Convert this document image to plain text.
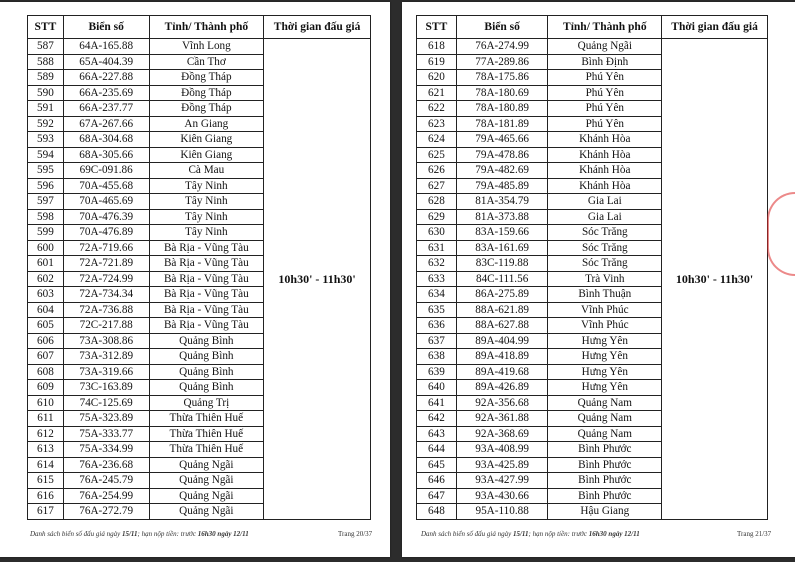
STT	Biển số	Tỉnh/ Thành phố	Thời gian đấu giá
587	64A-165.88	Vĩnh Long	10h30' - 11h30'
588	65A-404.39	Cần Thơ	
589	66A-227.88	Đồng Tháp	
590	66A-235.69	Đồng Tháp	
591	66A-237.77	Đồng Tháp	
592	67A-267.66	An Giang	
593	68A-304.68	Kiên Giang	
594	68A-305.66	Kiên Giang	
595	69C-091.86	Cà Mau	
596	70A-455.68	Tây Ninh	
597	70A-465.69	Tây Ninh	
598	70A-476.39	Tây Ninh	
599	70A-476.89	Tây Ninh	
600	72A-719.66	Bà Rịa - Vũng Tàu	
601	72A-721.89	Bà Rịa - Vũng Tàu	
602	72A-724.99	Bà Rịa - Vũng Tàu	
603	72A-734.34	Bà Rịa - Vũng Tàu	
604	72A-736.88	Bà Rịa - Vũng Tàu	
605	72C-217.88	Bà Rịa - Vũng Tàu	
606	73A-308.86	Quảng Bình	
607	73A-312.89	Quảng Bình	
608	73A-319.66	Quảng Bình	
609	73C-163.89	Quảng Bình	
610	74C-125.69	Quảng Trị	
611	75A-323.89	Thừa Thiên Huế	
612	75A-333.77	Thừa Thiên Huế	
613	75A-334.99	Thừa Thiên Huế	
614	76A-236.68	Quảng Ngãi	
615	76A-245.79	Quảng Ngãi	
616	76A-254.99	Quảng Ngãi	
617	76A-272.79	Quảng Ngãi	
Danh sách biển số đấu giá ngày 15/11; hạn nộp tiền: trước 16h30 ngày 12/11	Trang 20/37
STT	Biển số	Tỉnh/ Thành phố	Thời gian đấu giá
618	76A-274.99	Quảng Ngãi	10h30' - 11h30'
619	77A-289.86	Bình Định	
620	78A-175.86	Phú Yên	
621	78A-180.69	Phú Yên	
622	78A-180.89	Phú Yên	
623	78A-181.89	Phú Yên	
624	79A-465.66	Khánh Hòa	
625	79A-478.86	Khánh Hòa	
626	79A-482.69	Khánh Hòa	
627	79A-485.89	Khánh Hòa	
628	81A-354.79	Gia Lai	
629	81A-373.88	Gia Lai	
630	83A-159.66	Sóc Trăng	
631	83A-161.69	Sóc Trăng	
632	83C-119.88	Sóc Trăng	
633	84C-111.56	Trà Vinh	
634	86A-275.89	Bình Thuận	
635	88A-621.89	Vĩnh Phúc	
636	88A-627.88	Vĩnh Phúc	
637	89A-404.99	Hưng Yên	
638	89A-418.89	Hưng Yên	
639	89A-419.68	Hưng Yên	
640	89A-426.89	Hưng Yên	
641	92A-356.68	Quảng Nam	
642	92A-361.88	Quảng Nam	
643	92A-368.69	Quảng Nam	
644	93A-408.99	Bình Phước	
645	93A-425.89	Bình Phước	
646	93A-427.99	Bình Phước	
647	93A-430.66	Bình Phước	
648	95A-110.88	Hậu Giang	
Danh sách biển số đấu giá ngày 15/11; hạn nộp tiền: trước 16h30 ngày 12/11	Trang 21/37
